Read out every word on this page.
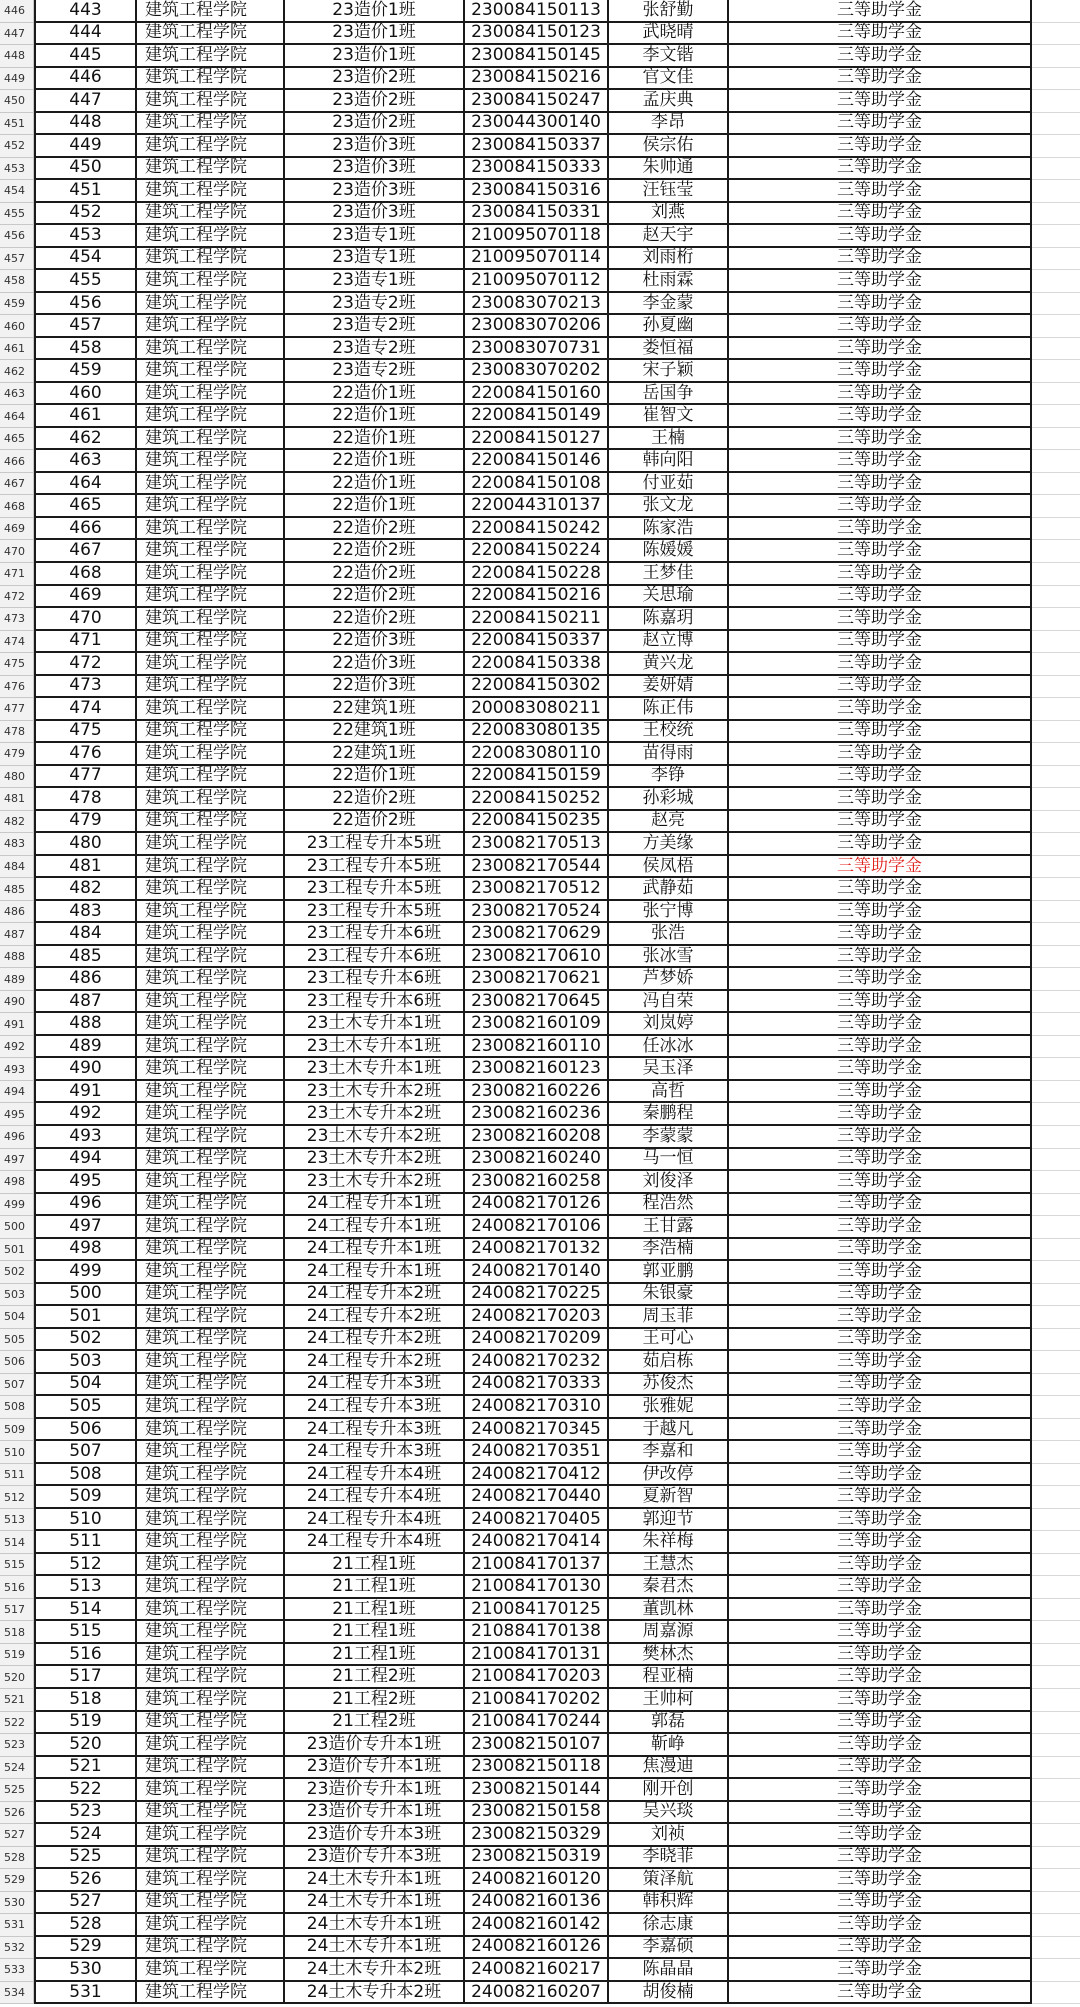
446	443	建筑工程学院	23造价1班	230084150113	张舒勤	三等助学金
447	444	建筑工程学院	23造价1班	230084150123	武晓晴	三等助学金
448	445	建筑工程学院	23造价1班	230084150145	李文锴	三等助学金
449	446	建筑工程学院	23造价2班	230084150216	官文佳	三等助学金
450	447	建筑工程学院	23造价2班	230084150247	孟庆典	三等助学金
451	448	建筑工程学院	23造价2班	230044300140	李昂	三等助学金
452	449	建筑工程学院	23造价3班	230084150337	侯宗佑	三等助学金
453	450	建筑工程学院	23造价3班	230084150333	朱帅通	三等助学金
454	451	建筑工程学院	23造价3班	230084150316	汪钰莹	三等助学金
455	452	建筑工程学院	23造价3班	230084150331	刘燕	三等助学金
456	453	建筑工程学院	23造专1班	210095070118	赵天宇	三等助学金
457	454	建筑工程学院	23造专1班	210095070114	刘雨桁	三等助学金
458	455	建筑工程学院	23造专1班	210095070112	杜雨霖	三等助学金
459	456	建筑工程学院	23造专2班	230083070213	李金蒙	三等助学金
460	457	建筑工程学院	23造专2班	230083070206	孙夏幽	三等助学金
461	458	建筑工程学院	23造专2班	230083070731	娄恒福	三等助学金
462	459	建筑工程学院	23造专2班	230083070202	宋子颖	三等助学金
463	460	建筑工程学院	22造价1班	220084150160	岳国争	三等助学金
464	461	建筑工程学院	22造价1班	220084150149	崔智文	三等助学金
465	462	建筑工程学院	22造价1班	220084150127	王楠	三等助学金
466	463	建筑工程学院	22造价1班	220084150146	韩向阳	三等助学金
467	464	建筑工程学院	22造价1班	220084150108	付亚茹	三等助学金
468	465	建筑工程学院	22造价1班	220044310137	张文龙	三等助学金
469	466	建筑工程学院	22造价2班	220084150242	陈家浩	三等助学金
470	467	建筑工程学院	22造价2班	220084150224	陈媛媛	三等助学金
471	468	建筑工程学院	22造价2班	220084150228	王梦佳	三等助学金
472	469	建筑工程学院	22造价2班	220084150216	关思瑜	三等助学金
473	470	建筑工程学院	22造价2班	220084150211	陈嘉玥	三等助学金
474	471	建筑工程学院	22造价3班	220084150337	赵立博	三等助学金
475	472	建筑工程学院	22造价3班	220084150338	黄兴龙	三等助学金
476	473	建筑工程学院	22造价3班	220084150302	姜妍婧	三等助学金
477	474	建筑工程学院	22建筑1班	200083080211	陈正伟	三等助学金
478	475	建筑工程学院	22建筑1班	220083080135	王校统	三等助学金
479	476	建筑工程学院	22建筑1班	220083080110	苗得雨	三等助学金
480	477	建筑工程学院	22造价1班	220084150159	李铮	三等助学金
481	478	建筑工程学院	22造价2班	220084150252	孙彩城	三等助学金
482	479	建筑工程学院	22造价2班	220084150235	赵亮	三等助学金
483	480	建筑工程学院	23工程专升本5班	230082170513	方美缘	三等助学金
484	481	建筑工程学院	23工程专升本5班	230082170544	侯凤梧	三等助学金
485	482	建筑工程学院	23工程专升本5班	230082170512	武静茹	三等助学金
486	483	建筑工程学院	23工程专升本5班	230082170524	张宁博	三等助学金
487	484	建筑工程学院	23工程专升本6班	230082170629	张浩	三等助学金
488	485	建筑工程学院	23工程专升本6班	230082170610	张冰雪	三等助学金
489	486	建筑工程学院	23工程专升本6班	230082170621	芦梦娇	三等助学金
490	487	建筑工程学院	23工程专升本6班	230082170645	冯自荣	三等助学金
491	488	建筑工程学院	23土木专升本1班	230082160109	刘岚婷	三等助学金
492	489	建筑工程学院	23土木专升本1班	230082160110	任冰冰	三等助学金
493	490	建筑工程学院	23土木专升本1班	230082160123	吴玉泽	三等助学金
494	491	建筑工程学院	23土木专升本2班	230082160226	高哲	三等助学金
495	492	建筑工程学院	23土木专升本2班	230082160236	秦鹏程	三等助学金
496	493	建筑工程学院	23土木专升本2班	230082160208	李蒙蒙	三等助学金
497	494	建筑工程学院	23土木专升本2班	230082160240	马一恒	三等助学金
498	495	建筑工程学院	23土木专升本2班	230082160258	刘俊泽	三等助学金
499	496	建筑工程学院	24工程专升本1班	240082170126	程浩然	三等助学金
500	497	建筑工程学院	24工程专升本1班	240082170106	王甘露	三等助学金
501	498	建筑工程学院	24工程专升本1班	240082170132	李浩楠	三等助学金
502	499	建筑工程学院	24工程专升本1班	240082170140	郭亚鹏	三等助学金
503	500	建筑工程学院	24工程专升本2班	240082170225	朱银豪	三等助学金
504	501	建筑工程学院	24工程专升本2班	240082170203	周玉菲	三等助学金
505	502	建筑工程学院	24工程专升本2班	240082170209	王可心	三等助学金
506	503	建筑工程学院	24工程专升本2班	240082170232	茹启栋	三等助学金
507	504	建筑工程学院	24工程专升本3班	240082170333	苏俊杰	三等助学金
508	505	建筑工程学院	24工程专升本3班	240082170310	张雅妮	三等助学金
509	506	建筑工程学院	24工程专升本3班	240082170345	于越凡	三等助学金
510	507	建筑工程学院	24工程专升本3班	240082170351	李嘉和	三等助学金
511	508	建筑工程学院	24工程专升本4班	240082170412	伊改停	三等助学金
512	509	建筑工程学院	24工程专升本4班	240082170440	夏新智	三等助学金
513	510	建筑工程学院	24工程专升本4班	240082170405	郭迎节	三等助学金
514	511	建筑工程学院	24工程专升本4班	240082170414	朱祥梅	三等助学金
515	512	建筑工程学院	21工程1班	210084170137	王慧杰	三等助学金
516	513	建筑工程学院	21工程1班	210084170130	秦君杰	三等助学金
517	514	建筑工程学院	21工程1班	210084170125	董凯林	三等助学金
518	515	建筑工程学院	21工程1班	210884170138	周嘉源	三等助学金
519	516	建筑工程学院	21工程1班	210084170131	樊林杰	三等助学金
520	517	建筑工程学院	21工程2班	210084170203	程亚楠	三等助学金
521	518	建筑工程学院	21工程2班	210084170202	王帅柯	三等助学金
522	519	建筑工程学院	21工程2班	210084170244	郭磊	三等助学金
523	520	建筑工程学院	23造价专升本1班	230082150107	靳峥	三等助学金
524	521	建筑工程学院	23造价专升本1班	230082150118	焦漫迪	三等助学金
525	522	建筑工程学院	23造价专升本1班	230082150144	刚开创	三等助学金
526	523	建筑工程学院	23造价专升本1班	230082150158	吴兴琰	三等助学金
527	524	建筑工程学院	23造价专升本3班	230082150329	刘祯	三等助学金
528	525	建筑工程学院	23造价专升本3班	230082150319	李晓菲	三等助学金
529	526	建筑工程学院	24土木专升本1班	240082160120	策泽航	三等助学金
530	527	建筑工程学院	24土木专升本1班	240082160136	韩积辉	三等助学金
531	528	建筑工程学院	24土木专升本1班	240082160142	徐志康	三等助学金
532	529	建筑工程学院	24土木专升本1班	240082160126	李嘉硕	三等助学金
533	530	建筑工程学院	24土木专升本2班	240082160217	陈晶晶	三等助学金
534	531	建筑工程学院	24土木专升本2班	240082160207	胡俊楠	三等助学金
